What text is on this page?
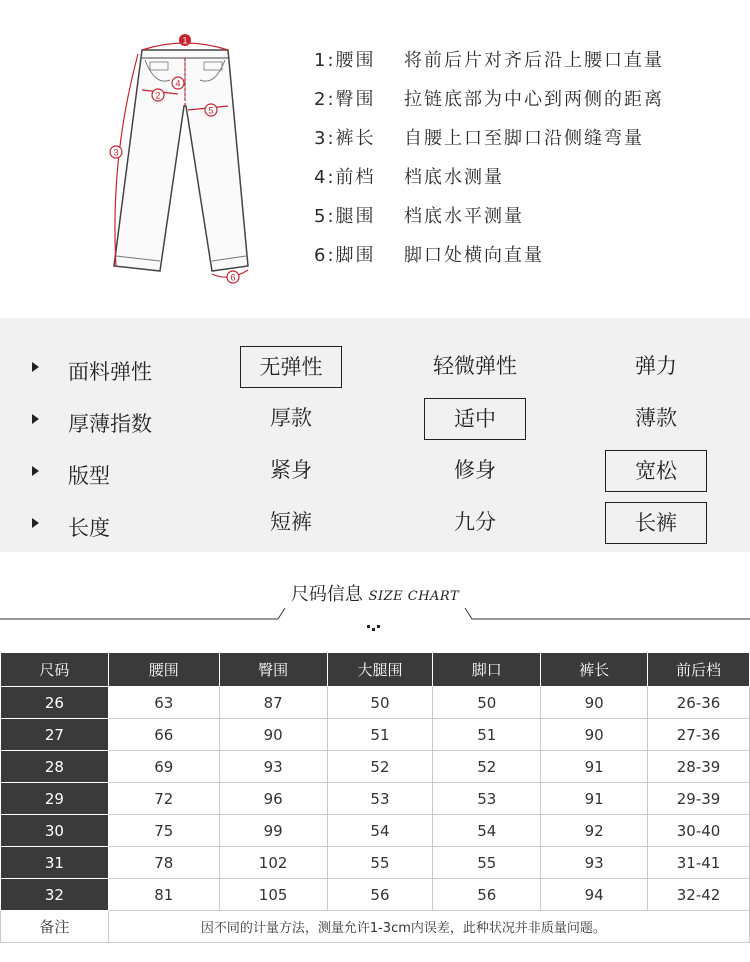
1
2
3
4
5
6
1:腰围	将前后片对齐后沿上腰口直量
2:臀围	拉链底部为中心到两侧的距离
3:裤长	自腰上口至脚口沿侧缝弯量
4:前档	档底水测量
5:腿围	档底水平测量
6:脚围	脚口处横向直量
面料弹性	无弹性	轻微弹性	弹力
厚薄指数	厚款	适中	薄款
版型	紧身	修身	宽松
长度	短裤	九分	长裤
尺码信息 SIZE CHART
尺码	腰围	臀围	大腿围	脚口	裤长	前后档
26	63	87	50	50	90	26-36
27	66	90	51	51	90	27-36
28	69	93	52	52	91	28-39
29	72	96	53	53	91	29-39
30	75	99	54	54	92	30-40
31	78	102	55	55	93	31-41
32	81	105	56	56	94	32-42
备注	因不同的计量方法，测量允许1-3cm内误差，此种状况并非质量问题。					
